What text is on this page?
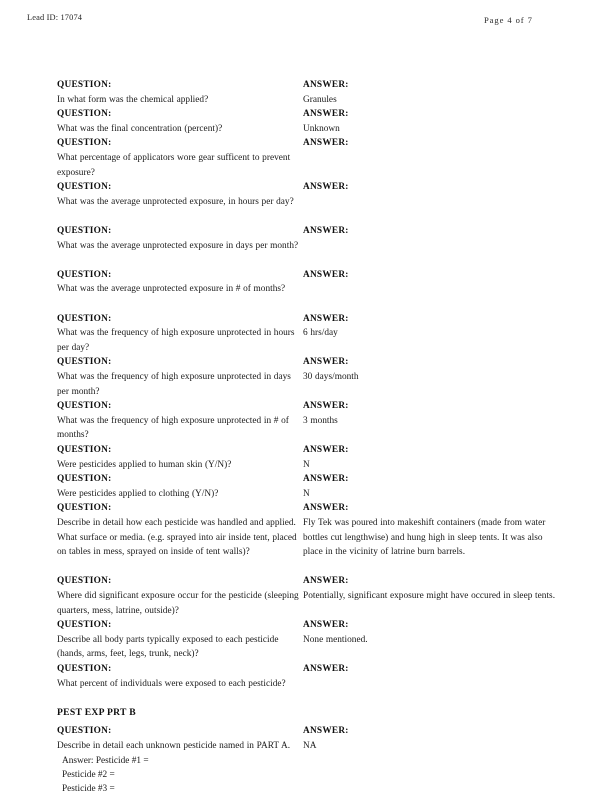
Lead ID: 17074	Page 4 of 7
QUESTION:
In what form was the chemical applied?
ANSWER:
Granules
QUESTION:
What was the final concentration (percent)?
ANSWER:
Unknown
QUESTION:
What percentage of applicators wore gear sufficent to prevent exposure?
ANSWER:
QUESTION:
What was the average unprotected exposure, in hours per day?
ANSWER:
QUESTION:
What was the average unprotected exposure in days per month?
ANSWER:
QUESTION:
What was the average unprotected exposure in # of months?
ANSWER:
QUESTION:
What was the frequency of high exposure unprotected in hours per day?
ANSWER:
6 hrs/day
QUESTION:
What was the frequency of high exposure unprotected in days per month?
ANSWER:
30 days/month
QUESTION:
What was the frequency of high exposure unprotected in # of months?
ANSWER:
3 months
QUESTION:
Were pesticides applied to human skin (Y/N)?
ANSWER:
N
QUESTION:
Were pesticides applied to clothing (Y/N)?
ANSWER:
N
QUESTION:
Describe in detail how each pesticide was handled and applied. What surface or media. (e.g. sprayed into air inside tent, placed on tables in mess, sprayed on inside of tent walls)?
ANSWER:
Fly Tek was poured into makeshift containers (made from water bottles cut lengthwise) and hung high in sleep tents. It was also place in the vicinity of latrine burn barrels.
QUESTION:
Where did significant exposure occur for the pesticide (sleeping quarters, mess, latrine, outside)?
ANSWER:
Potentially, significant exposure might have occured in sleep tents.
QUESTION:
Describe all body parts typically exposed to each pesticide (hands, arms, feet, legs, trunk, neck)?
ANSWER:
None mentioned.
QUESTION:
What percent of individuals were exposed to each pesticide?
ANSWER:
PEST EXP PRT B
QUESTION:
Describe in detail each unknown pesticide named in PART A.
Answer: Pesticide #1 =
Pesticide #2 =
Pesticide #3 =
ANSWER:
NA
